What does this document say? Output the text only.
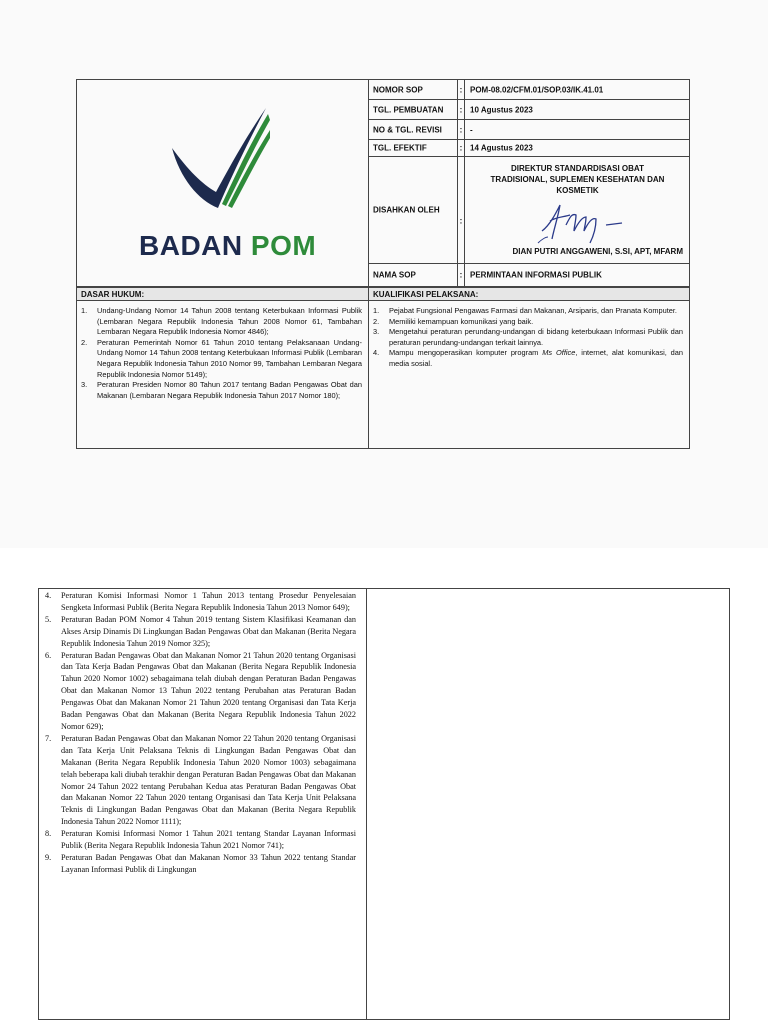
BADAN POM
NOMOR SOP	: POM-08.02/CFM.01/SOP.03/IK.41.01
TGL. PEMBUATAN : 10 Agustus 2023
NO & TGL. REVISI : -
TGL. EFEKTIF	: 14 Agustus 2023
DISAHKAN OLEH
:
DIREKTUR STANDARDISASI OBAT
TRADISIONAL, SUPLEMEN KESEHATAN DAN
KOSMETIK
DIAN PUTRI ANGGAWENI, S.SI, APT, MFARM
NAMA SOP	: PERMINTAAN INFORMASI PUBLIK
DASAR HUKUM:
1. Undang-Undang Nomor 14 Tahun 2008 tentang Keterbukaan Informasi Publik (Lembaran Negara Republik Indonesia Tahun 2008 Nomor 61, Tambahan Lembaran Negara Republik Indonesia Nomor 4846);
2. Peraturan Pemerintah Nomor 61 Tahun 2010 tentang Pelaksanaan Undang-Undang Nomor 14 Tahun 2008 tentang Keterbukaan Informasi Publik (Lembaran Negara Republik Indonesia Tahun 2010 Nomor 99, Tambahan Lembaran Negara Republik Indonesia Nomor 5149);
3. Peraturan Presiden Nomor 80 Tahun 2017 tentang Badan Pengawas Obat dan Makanan (Lembaran Negara Republik Indonesia Tahun 2017 Nomor 180);
KUALIFIKASI PELAKSANA:
1. Pejabat Fungsional Pengawas Farmasi dan Makanan, Arsiparis, dan Pranata Komputer.
2. Memiliki kemampuan komunikasi yang baik.
3. Mengetahui peraturan perundang-undangan di bidang keterbukaan Informasi Publik dan peraturan perundang-undangan terkait lainnya.
4. Mampu mengoperasikan komputer program Ms Office, internet, alat komunikasi, dan media sosial.
4. Peraturan Komisi Informasi Nomor 1 Tahun 2013 tentang Prosedur Penyelesaian Sengketa Informasi Publik (Berita Negara Republik Indonesia Tahun 2013 Nomor 649);
5. Peraturan Badan POM Nomor 4 Tahun 2019 tentang Sistem Klasifikasi Keamanan dan Akses Arsip Dinamis Di Lingkungan Badan Pengawas Obat dan Makanan (Berita Negara Republik Indonesia Tahun 2019 Nomor 325);
6. Peraturan Badan Pengawas Obat dan Makanan Nomor 21 Tahun 2020 tentang Organisasi dan Tata Kerja Badan Pengawas Obat dan Makanan (Berita Negara Republik Indonesia Tahun 2020 Nomor 1002) sebagaimana telah diubah dengan Peraturan Badan Pengawas Obat dan Makanan Nomor 13 Tahun 2022 tentang Perubahan atas Peraturan Badan Pengawas Obat dan Makanan Nomor 21 Tahun 2020 tentang Organisasi dan Tata Kerja Badan Pengawas Obat dan Makanan (Berita Negara Republik Indonesia Tahun 2022 Nomor 629);
7. Peraturan Badan Pengawas Obat dan Makanan Nomor 22 Tahun 2020 tentang Organisasi dan Tata Kerja Unit Pelaksana Teknis di Lingkungan Badan Pengawas Obat dan Makanan (Berita Negara Republik Indonesia Tahun 2020 Nomor 1003) sebagaimana telah beberapa kali diubah terakhir dengan Peraturan Badan Pengawas Obat dan Makanan Nomor 24 Tahun 2022 tentang Perubahan Kedua atas Peraturan Badan Pengawas Obat dan Makanan Nomor 22 Tahun 2020 tentang Organisasi dan Tata Kerja Unit Pelaksana Teknis di Lingkungan Badan Pengawas Obat dan Makanan (Berita Negara Republik Indonesia Tahun 2022 Nomor 1111);
8. Peraturan Komisi Informasi Nomor 1 Tahun 2021 tentang Standar Layanan Informasi Publik (Berita Negara Republik Indonesia Tahun 2021 Nomor 741);
9. Peraturan Badan Pengawas Obat dan Makanan Nomor 33 Tahun 2022 tentang Standar Layanan Informasi Publik di Lingkungan
